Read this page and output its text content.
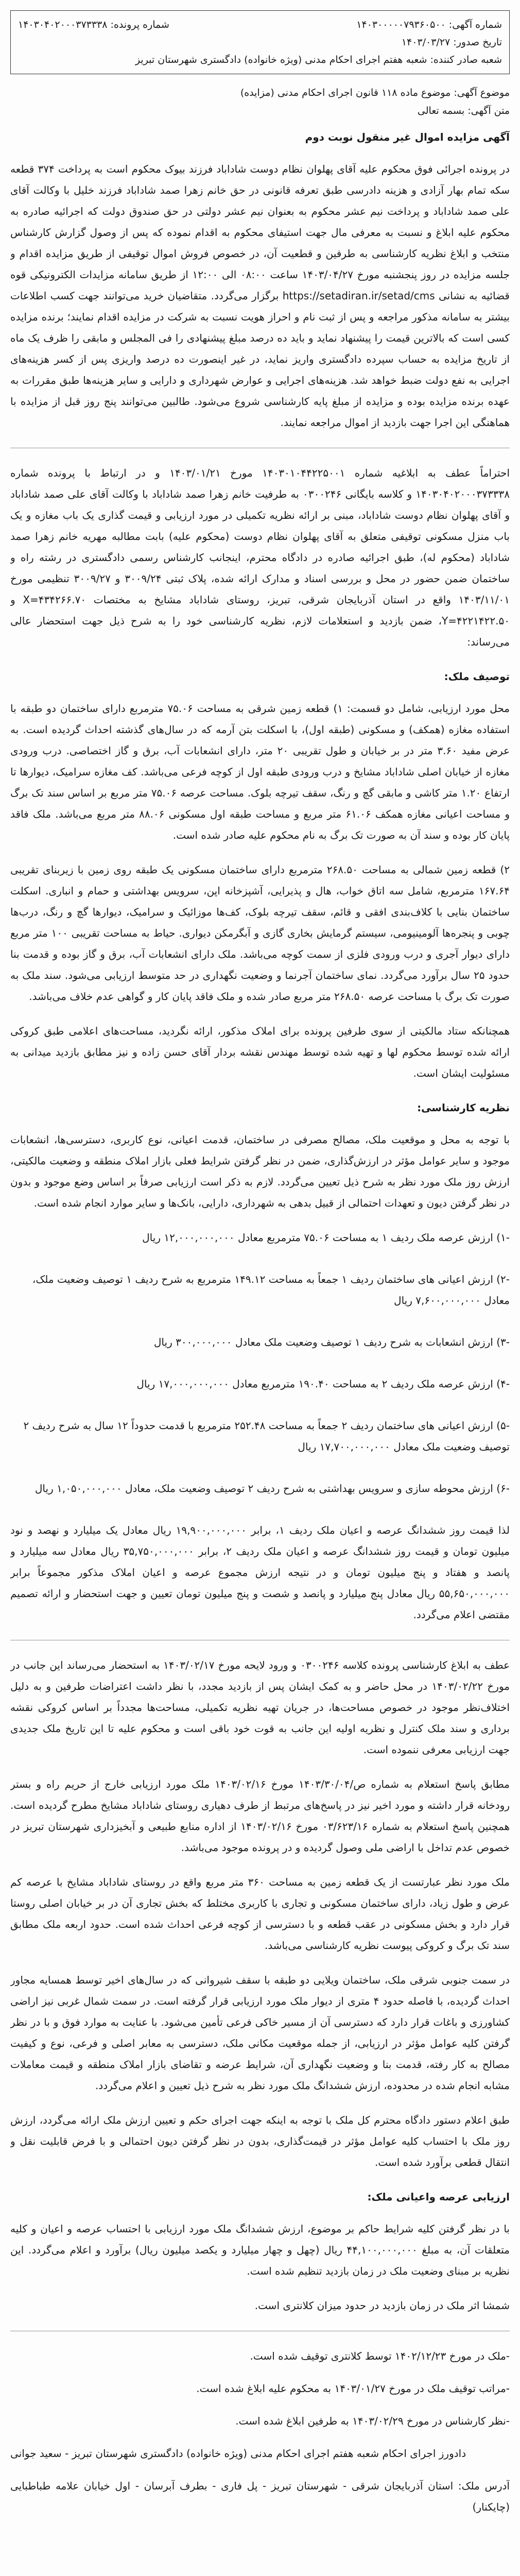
شماره آگهی: ۱۴۰۳۰۰۰۰۰۷۹۳۶۰۵۰۰
شماره پرونده: ۱۴۰۳۰۴۰۲۰۰۰۳۷۳۳۳۸
تاریخ صدور: ۱۴۰۳/۰۳/۲۷
شعبه صادر کننده: شعبه هفتم اجرای احکام مدنی (ویژه خانواده) دادگستری شهرستان تبریز
موضوع آگهی: موضوع ماده ۱۱۸ قانون اجرای احکام مدنی (مزایده)
متن آگهی: بسمه تعالی
آگهی مزایده اموال غیر منقول نوبت دوم

در پرونده اجرائی فوق محکوم علیه آقای پهلوان نظام دوست شاداباد فرزند بیوک محکوم است به پرداخت ۳۷۴ قطعه سکه تمام بهار آزادی و هزینه دادرسی طبق تعرفه قانونی در حق خانم زهرا صمد شاداباد فرزند خلیل با وکالت آقای علی صمد شاداباد و پرداخت نیم عشر محکوم به بعنوان نیم عشر دولتی در حق صندوق دولت که اجرائیه صادره به محکوم علیه ابلاغ و نسبت به معرفی مال جهت استیفای محکوم به اقدام نموده که پس از وصول گزارش کارشناس منتخب و ابلاغ نظریه کارشناسی به طرفین و قطعیت آن، در خصوص فروش اموال توقیفی از طریق مزایده اقدام و جلسه مزایده در روز پنجشنبه مورخ ۱۴۰۳/۰۴/۲۷ ساعت ۰۸:۰۰ الی ۱۲:۰۰ از طریق سامانه مزایدات الکترونیکی قوه قضائیه به نشانی https://setadiran.ir/setad/cms برگزار می‌گردد. متقاضیان خرید می‌توانند جهت کسب اطلاعات بیشتر به سامانه مذکور مراجعه و پس از ثبت نام و احراز هویت نسبت به شرکت در مزایده اقدام نمایند؛ برنده مزایده کسی است که بالاترین قیمت را پیشنهاد نماید و باید ده درصد مبلغ پیشنهادی را فی المجلس و مابقی را ظرف یک ماه از تاریخ مزایده به حساب سپرده دادگستری واریز نماید، در غیر اینصورت ده درصد واریزی پس از کسر هزینه‌های اجرایی به نفع دولت ضبط خواهد شد. هزینه‌های اجرایی و عوارض شهرداری و دارایی و سایر هزینه‌ها طبق مقررات به عهده برنده مزایده بوده و مزایده از مبلغ پایه کارشناسی شروع می‌شود. طالبین می‌توانند پنج روز قبل از مزایده با هماهنگی این اجرا جهت بازدید از اموال مراجعه نمایند.

احتراماً عطف به ابلاغیه شماره ۱۴۰۳۰۱۰۴۴۲۲۵۰۰۱ مورخ ۱۴۰۳/۰۱/۲۱ و در ارتباط با پرونده شماره ۱۴۰۳۰۴۰۲۰۰۰۳۷۳۳۳۸ و کلاسه بایگانی ۰۳۰۰۲۴۶ به طرفیت خانم زهرا صمد شاداباد با وکالت آقای علی صمد شاداباد و آقای پهلوان نظام دوست شاداباد، مبنی بر ارائه نظریه تکمیلی در مورد ارزیابی و قیمت گذاری یک باب مغازه و یک باب منزل مسکونی توقیفی متعلق به آقای پهلوان نظام دوست (محکوم علیه) بابت مطالبه مهریه خانم زهرا صمد شاداباد (محکوم له)، طبق اجرائیه صادره در دادگاه محترم، اینجانب کارشناس رسمی دادگستری در رشته راه و ساختمان ضمن حضور در محل و بررسی اسناد و مدارک ارائه شده، پلاک ثبتی ۳۰۰۹/۲۴ و ۳۰۰۹/۲۷ تنظیمی مورخ ۱۴۰۳/۱۱/۰۱ واقع در استان آذربایجان شرقی، تبریز، روستای شاداباد مشایخ به مختصات X=۴۳۴۲۶۶.۷۰ و Y=۴۲۲۱۴۲۲.۵۰، ضمن بازدید و استعلامات لازم، نظریه کارشناسی خود را به شرح ذیل جهت استحضار عالی می‌رساند:

توصیف ملک:

محل مورد ارزیابی، شامل دو قسمت: ۱) قطعه زمین شرقی به مساحت ۷۵.۰۶ مترمربع دارای ساختمان دو طبقه با استفاده مغازه (همکف) و مسکونی (طبقه اول)، با اسکلت بتن آرمه که در سال‌های گذشته احداث گردیده است. به عرض مفید ۳.۶۰ متر در بر خیابان و طول تقریبی ۲۰ متر، دارای انشعابات آب، برق و گاز اختصاصی. درب ورودی مغازه از خیابان اصلی شاداباد مشایخ و درب ورودی طبقه اول از کوچه فرعی می‌باشد. کف مغازه سرامیک، دیوارها تا ارتفاع ۱.۲۰ متر کاشی و مابقی گچ و رنگ، سقف تیرچه بلوک. مساحت عرصه ۷۵.۰۶ متر مربع بر اساس سند تک برگ و مساحت اعیانی مغازه همکف ۶۱.۰۶ متر مربع و مساحت طبقه اول مسکونی ۸۸.۰۶ متر مربع می‌باشد. ملک فاقد پایان کار بوده و سند آن به صورت تک برگ به نام محکوم علیه صادر شده است.

۲) قطعه زمین شمالی به مساحت ۲۶۸.۵۰ مترمربع دارای ساختمان مسکونی یک طبقه روی زمین با زیربنای تقریبی ۱۶۷.۶۴ مترمربع، شامل سه اتاق خواب، هال و پذیرایی، آشپزخانه اپن، سرویس بهداشتی و حمام و انباری. اسکلت ساختمان بنایی با کلاف‌بندی افقی و قائم، سقف تیرچه بلوک، کف‌ها موزائیک و سرامیک، دیوارها گچ و رنگ، درب‌ها چوبی و پنجره‌ها آلومینیومی، سیستم گرمایش بخاری گازی و آبگرمکن دیواری. حیاط به مساحت تقریبی ۱۰۰ متر مربع دارای دیوار آجری و درب ورودی فلزی از سمت کوچه می‌باشد. ملک دارای انشعابات آب، برق و گاز بوده و قدمت بنا حدود ۲۵ سال برآورد می‌گردد. نمای ساختمان آجرنما و وضعیت نگهداری در حد متوسط ارزیابی می‌شود. سند ملک به صورت تک برگ با مساحت عرصه ۲۶۸.۵۰ متر مربع صادر شده و ملک فاقد پایان کار و گواهی عدم خلاف می‌باشد.

همچنانکه ستاد مالکیتی از سوی طرفین پرونده برای املاک مذکور، ارائه نگردید، مساحت‌های اعلامی طبق کروکی ارائه شده توسط محکوم لها و تهیه شده توسط مهندس نقشه بردار آقای حسن زاده و نیز مطابق بازدید میدانی به مسئولیت ایشان است.

نظریه کارشناسی:

با توجه به محل و موقعیت ملک، مصالح مصرفی در ساختمان، قدمت اعیانی، نوع کاربری، دسترسی‌ها، انشعابات موجود و سایر عوامل مؤثر در ارزش‌گذاری، ضمن در نظر گرفتن شرایط فعلی بازار املاک منطقه و وضعیت مالکیتی، ارزش روز ملک مورد نظر به شرح ذیل تعیین می‌گردد. لازم به ذکر است ارزیابی صرفاً بر اساس وضع موجود و بدون در نظر گرفتن دیون و تعهدات احتمالی از قبیل بدهی به شهرداری، دارایی، بانک‌ها و سایر موارد انجام شده است.

-۱) ارزش عرصه ملک ردیف ۱ به مساحت ۷۵.۰۶ مترمربع معادل ۱۲,۰۰۰,۰۰۰,۰۰۰ ریال
-۲) ارزش اعیانی های ساختمان ردیف ۱ جمعاً به مساحت ۱۴۹.۱۲ مترمربع به شرح ردیف ۱ توصیف وضعیت ملک، معادل ۷,۶۰۰,۰۰۰,۰۰۰ ریال
-۳) ارزش انشعابات به شرح ردیف ۱ توصیف وضعیت ملک معادل ۳۰۰,۰۰۰,۰۰۰ ریال
-۴) ارزش عرصه ملک ردیف ۲ به مساحت ۱۹۰.۴۰ مترمربع معادل ۱۷,۰۰۰,۰۰۰,۰۰۰ ریال
-۵) ارزش اعیانی های ساختمان ردیف ۲ جمعاً به مساحت ۲۵۲.۴۸ مترمربع با قدمت حدوداً ۱۲ سال به شرح ردیف ۲ توصیف وضعیت ملک معادل ۱۷,۷۰۰,۰۰۰,۰۰۰ ریال
-۶) ارزش محوطه سازی و سرویس بهداشتی به شرح ردیف ۲ توصیف وضعیت ملک، معادل ۱,۰۵۰,۰۰۰,۰۰۰ ریال

لذا قیمت روز ششدانگ عرصه و اعیان ملک ردیف ۱، برابر ۱۹,۹۰۰,۰۰۰,۰۰۰ ریال معادل یک میلیارد و نهصد و نود میلیون تومان و قیمت روز ششدانگ عرصه و اعیان ملک ردیف ۲، برابر ۳۵,۷۵۰,۰۰۰,۰۰۰ ریال معادل سه میلیارد و پانصد و هفتاد و پنج میلیون تومان و در نتیجه ارزش مجموع عرصه و اعیان املاک مذکور مجموعاً برابر ۵۵,۶۵۰,۰۰۰,۰۰۰ ریال معادل پنج میلیارد و پانصد و شصت و پنج میلیون تومان تعیین و جهت استحضار و ارائه تصمیم مقتضی اعلام می‌گردد.

عطف به ابلاغ کارشناسی پرونده کلاسه ۰۳۰۰۲۴۶ و ورود لایحه مورخ ۱۴۰۳/۰۲/۱۷ به استحضار می‌رساند این جانب در مورخ ۱۴۰۳/۰۲/۲۲ در محل حاضر و به کمک ایشان پس از بازدید مجدد، با نظر داشت اعتراضات طرفین و به دلیل اختلاف‌نظر موجود در خصوص مساحت‌ها، در جریان تهیه نظریه تکمیلی، مساحت‌ها مجدداً بر اساس کروکی نقشه برداری و سند ملک کنترل و نظریه اولیه این جانب به قوت خود باقی است و محکوم علیه تا این تاریخ ملک جدیدی جهت ارزیابی معرفی ننموده است.

مطابق پاسخ استعلام به شماره ص/۱۴۰۳/۳۰/۰۴ مورخ ۱۴۰۳/۰۲/۱۶ ملک مورد ارزیابی خارج از حریم راه و بستر رودخانه قرار داشته و مورد اخیر نیز در پاسخ‌های مرتبط از طرف دهیاری روستای شاداباد مشایخ مطرح گردیده است. همچنین پاسخ استعلام به شماره ۰۳/۶۲۳/۱۶ مورخ ۱۴۰۳/۰۲/۱۶ از اداره منابع طبیعی و آبخیزداری شهرستان تبریز در خصوص عدم تداخل با اراضی ملی وصول گردیده و در پرونده موجود می‌باشد.

ملک مورد نظر عبارتست از یک قطعه زمین به مساحت ۳۶۰ متر مربع واقع در روستای شاداباد مشایخ با عرصه کم عرض و طول زیاد، دارای ساختمان مسکونی و تجاری با کاربری مختلط که بخش تجاری آن در بر خیابان اصلی روستا قرار دارد و بخش مسکونی در عقب قطعه و با دسترسی از کوچه فرعی احداث شده است. حدود اربعه ملک مطابق سند تک برگ و کروکی پیوست نظریه کارشناسی می‌باشد.

در سمت جنوبی شرقی ملک، ساختمان ویلایی دو طبقه با سقف شیروانی که در سال‌های اخیر توسط همسایه مجاور احداث گردیده، با فاصله حدود ۴ متری از دیوار ملک مورد ارزیابی قرار گرفته است. در سمت شمال غربی نیز اراضی کشاورزی و باغات قرار دارد که دسترسی آن از مسیر خاکی فرعی تأمین می‌شود. با عنایت به موارد فوق و با در نظر گرفتن کلیه عوامل مؤثر در ارزیابی، از جمله موقعیت مکانی ملک، دسترسی به معابر اصلی و فرعی، نوع و کیفیت مصالح به کار رفته، قدمت بنا و وضعیت نگهداری آن، شرایط عرضه و تقاضای بازار املاک منطقه و قیمت معاملات مشابه انجام شده در محدوده، ارزش ششدانگ ملک مورد نظر به شرح ذیل تعیین و اعلام می‌گردد.

طبق اعلام دستور دادگاه محترم کل ملک با توجه به اینکه جهت اجرای حکم و تعیین ارزش ملک ارائه می‌گردد، ارزش روز ملک با احتساب کلیه عوامل مؤثر در قیمت‌گذاری، بدون در نظر گرفتن دیون احتمالی و با فرض قابلیت نقل و انتقال قطعی برآورد شده است.

ارزیابی عرصه واعیانی ملک:

با در نظر گرفتن کلیه شرایط حاکم بر موضوع، ارزش ششدانگ ملک مورد ارزیابی با احتساب عرصه و اعیان و کلیه متعلقات آن، به مبلغ ۴۴,۱۰۰,۰۰۰,۰۰۰ ریال (چهل و چهار میلیارد و یکصد میلیون ریال) برآورد و اعلام می‌گردد. این نظریه بر مبنای وضعیت ملک در زمان بازدید تنظیم شده است.

شمشا اثر ملک در زمان بازدید در حدود میزان کلانتری است.

-ملک در مورخ ۱۴۰۲/۱۲/۲۳ توسط کلانتری توقیف شده است.

-مراتب توقیف ملک در مورخ ۱۴۰۳/۰۱/۲۷ به محکوم علیه ابلاغ شده است.

-نظر کارشناس در مورخ ۱۴۰۳/۰۲/۲۹ به طرفین ابلاغ شده است.

دادورز اجرای احکام شعبه هفتم اجرای احکام مدنی (ویژه خانواده) دادگستری شهرستان تبریز - سعید جوانی

آدرس ملک: استان آذربایجان شرقی - شهرستان تبریز - پل فاری - بطرف آبرسان - اول خیابان علامه طباطبایی (چایکنار)
